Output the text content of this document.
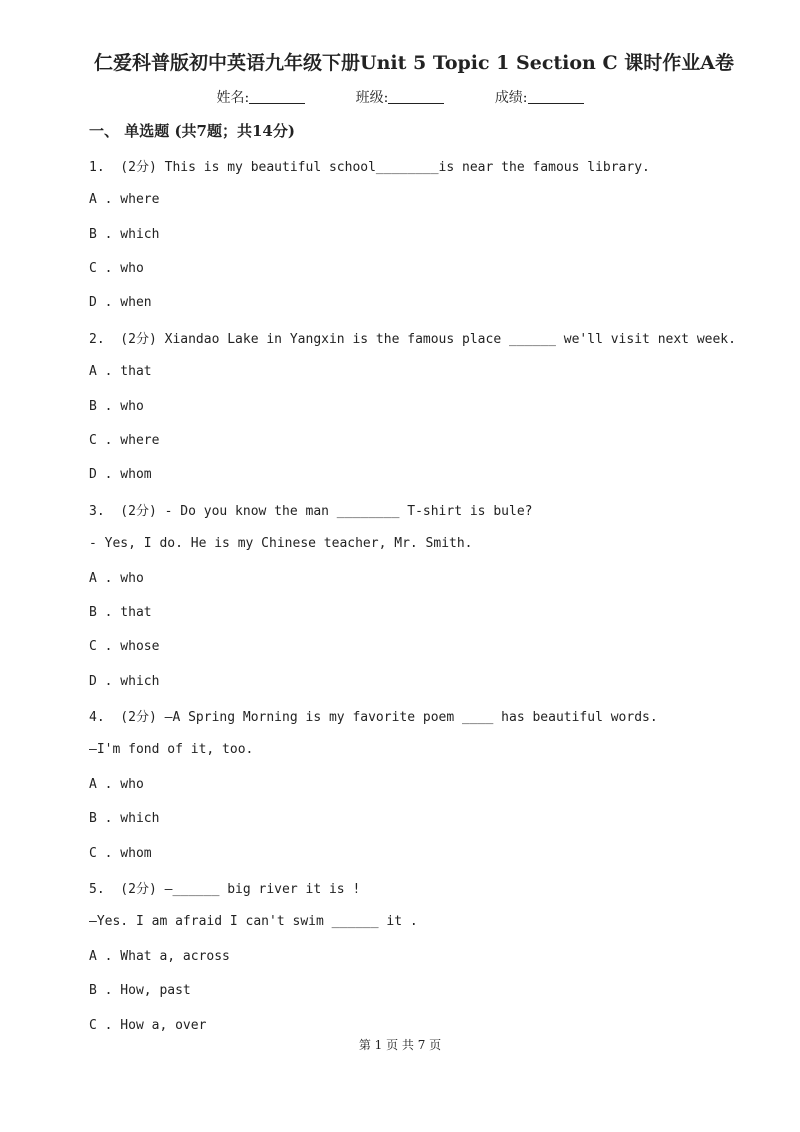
仁爱科普版初中英语九年级下册Unit 5 Topic 1 Section C 课时作业A卷
姓名:	班级:	成绩:
一、 单选题 (共7题；共14分)
1.  (2分) This is my beautiful school________is near the famous library.
A . where
B . which
C . who
D . when
2.  (2分) Xiandao Lake in Yangxin is the famous place ______ we'll visit next week.
A . that
B . who
C . where
D . whom
3.  (2分) - Do you know the man ________ T-shirt is bule?
- Yes, I do. He is my Chinese teacher, Mr. Smith.
A . who
B . that
C . whose
D . which
4.  (2分) —A Spring Morning is my favorite poem ____ has beautiful words.
—I'm fond of it, too.
A . who
B . which
C . whom
5.  (2分) —______ big river it is !
—Yes. I am afraid I can't swim ______ it .
A . What a, across
B . How, past
C . How a, over
第 1 页 共 7 页
